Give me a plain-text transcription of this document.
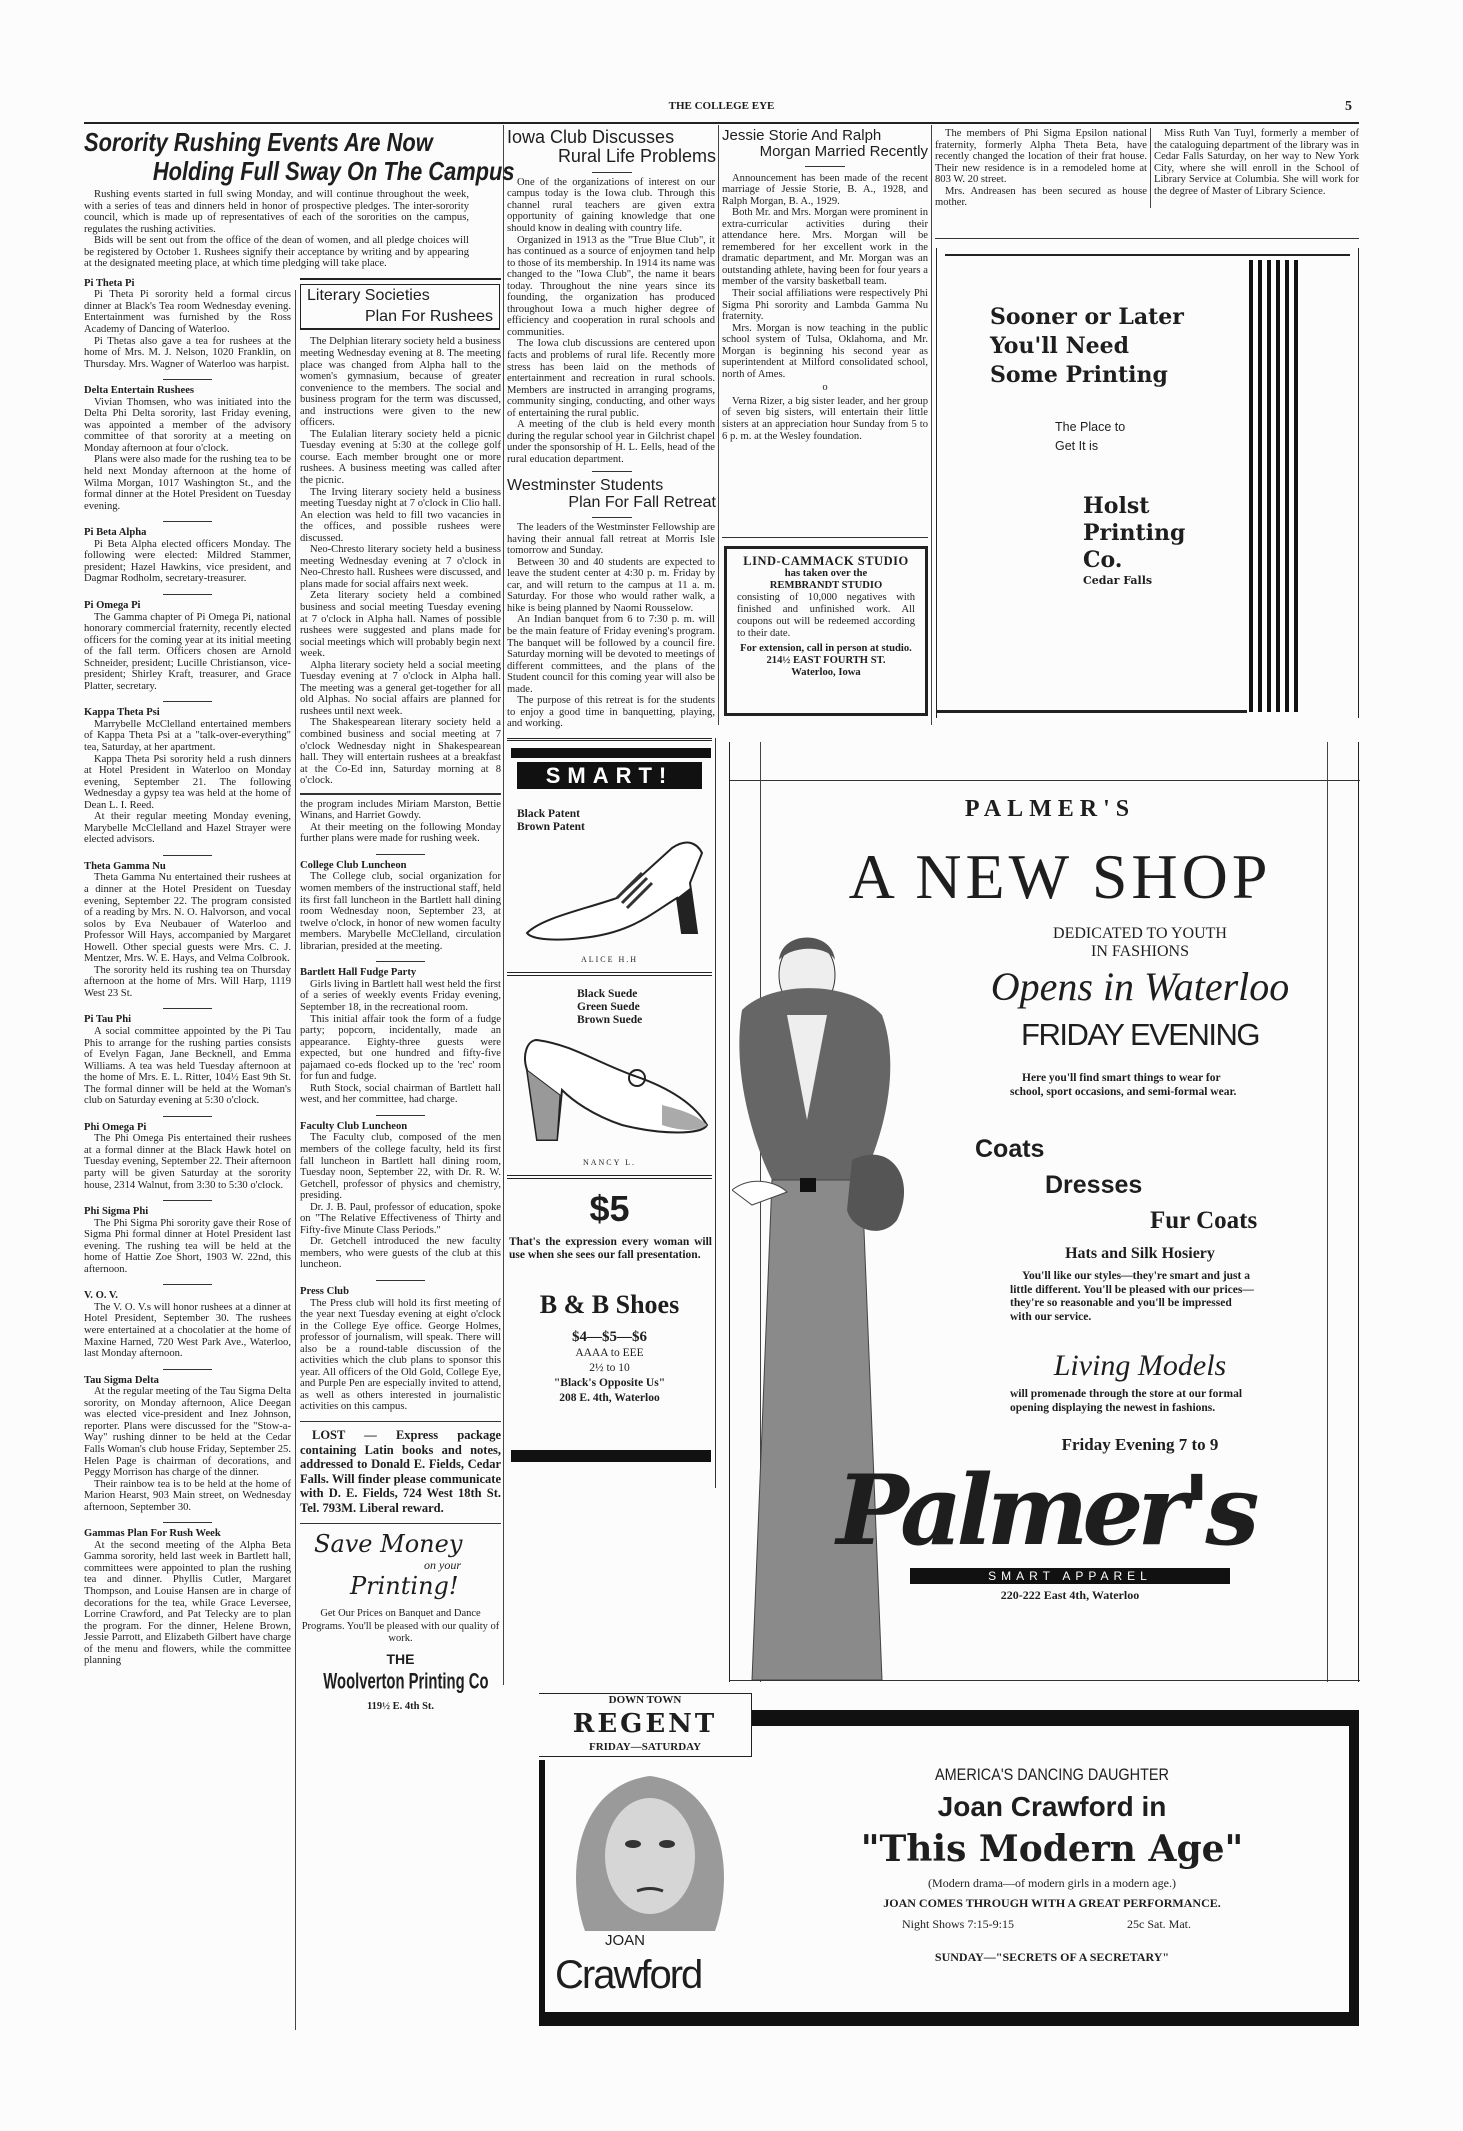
THE COLLEGE EYE	5
Sorority Rushing Events Are Now
Holding Full Sway On The Campus

Rushing events started in full swing Monday, and will continue throughout the week, with a series of teas and dinners held in honor of prospective pledges. The inter-sorority council, which is made up of representatives of each of the sororities on the campus, regulates the rushing activities.

Bids will be sent out from the office of the dean of women, and all pledge choices will be registered by October 1. Rushees signify their acceptance by writing and by appearing at the designated meeting place, at which time pledging will take place.

Pi Theta Pi

Pi Theta Pi sorority held a formal circus dinner at Black's Tea room Wednesday evening. Entertainment was furnished by the Ross Academy of Dancing of Waterloo.

Pi Thetas also gave a tea for rushees at the home of Mrs. M. J. Nelson, 1020 Franklin, on Thursday. Mrs. Wagner of Waterloo was harpist.

Delta Entertain Rushees

Vivian Thomsen, who was initiated into the Delta Phi Delta sorority, last Friday evening, was appointed a member of the advisory committee of that sorority at a meeting on Monday afternoon at four o'clock.

Plans were also made for the rushing tea to be held next Monday afternoon at the home of Wilma Morgan, 1017 Washington St., and the formal dinner at the Hotel President on Tuesday evening.

Pi Beta Alpha

Pi Beta Alpha elected officers Monday. The following were elected: Mildred Stammer, president; Hazel Hawkins, vice president, and Dagmar Rodholm, secretary-treasurer.

Pi Omega Pi

The Gamma chapter of Pi Omega Pi, national honorary commercial fraternity, recently elected officers for the coming year at its initial meeting of the fall term. Officers chosen are Arnold Schneider, president; Lucille Christianson, vice-president; Shirley Kraft, treasurer, and Grace Platter, secretary.

Kappa Theta Psi

Marrybelle McClelland entertained members of Kappa Theta Psi at a "talk-over-everything" tea, Saturday, at her apartment.

Kappa Theta Psi sorority held a rush dinners at Hotel President in Waterloo on Monday evening, September 21. The following Wednesday a gypsy tea was held at the home of Dean L. I. Reed.

At their regular meeting Monday evening, Marybelle McClelland and Hazel Strayer were elected advisors.

Theta Gamma Nu

Theta Gamma Nu entertained their rushees at a dinner at the Hotel President on Tuesday evening, September 22. The program consisted of a reading by Mrs. N. O. Halvorson, and vocal solos by Eva Neubauer of Waterloo and Professor Will Hays, accompanied by Margaret Howell. Other special guests were Mrs. C. J. Mentzer, Mrs. W. E. Hays, and Velma Colbrook.

The sorority held its rushing tea on Thursday afternoon at the home of Mrs. Will Harp, 1119 West 23 St.

Pi Tau Phi

A social committee appointed by the Pi Tau Phis to arrange for the rushing parties consists of Evelyn Fagan, Jane Becknell, and Emma Williams. A tea was held Tuesday afternoon at the home of Mrs. E. L. Ritter, 104½ East 9th St. The formal dinner will be held at the Woman's club on Saturday evening at 5:30 o'clock.

Phi Omega Pi

The Phi Omega Pis entertained their rushees at a formal dinner at the Black Hawk hotel on Tuesday evening, September 22. Their afternoon party will be given Saturday at the sorority house, 2314 Walnut, from 3:30 to 5:30 o'clock.

Phi Sigma Phi

The Phi Sigma Phi sorority gave their Rose of Sigma Phi formal dinner at Hotel President last evening. The rushing tea will be held at the home of Hattie Zoe Short, 1903 W. 22nd, this afternoon.

V. O. V.

The V. O. V.s will honor rushees at a dinner at Hotel President, September 30. The rushees were entertained at a chocolatier at the home of Maxine Harned, 720 West Park Ave., Waterloo, last Monday afternoon.

Tau Sigma Delta

At the regular meeting of the Tau Sigma Delta sorority, on Monday afternoon, Alice Deegan was elected vice-president and Inez Johnson, reporter. Plans were discussed for the "Stow-a-Way" rushing dinner to be held at the Cedar Falls Woman's club house Friday, September 25. Helen Page is chairman of decorations, and Peggy Morrison has charge of the dinner.

Their rainbow tea is to be held at the home of Marion Hearst, 903 Main street, on Wednesday afternoon, September 30.

Gammas Plan For Rush Week

At the second meeting of the Alpha Beta Gamma sorority, held last week in Bartlett hall, committees were appointed to plan the rushing tea and dinner. Phyllis Cutler, Margaret Thompson, and Louise Hansen are in charge of decorations for the tea, while Grace Leversee, Lorrine Crawford, and Pat Telecky are to plan the program. For the dinner, Helene Brown, Jessie Parrott, and Elizabeth Gilbert have charge of the menu and flowers, while the committee planning

Literary Societies
Plan For Rushees

The Delphian literary society held a business meeting Wednesday evening at 8. The meeting place was changed from Alpha hall to the women's gymnasium, because of greater convenience to the members. The social and business program for the term was discussed, and instructions were given to the new officers.

The Eulalian literary society held a picnic Tuesday evening at 5:30 at the college golf course. Each member brought one or more rushees. A business meeting was called after the picnic.

The Irving literary society held a business meeting Tuesday night at 7 o'clock in Clio hall. An election was held to fill two vacancies in the offices, and possible rushees were discussed.

Neo-Chresto literary society held a business meeting Wednesday evening at 7 o'clock in Neo-Chresto hall. Rushees were discussed, and plans made for social affairs next week.

Zeta literary society held a combined business and social meeting Tuesday evening at 7 o'clock in Alpha hall. Names of possible rushees were suggested and plans made for social meetings which will probably begin next week.

Alpha literary society held a social meeting Tuesday evening at 7 o'clock in Alpha hall. The meeting was a general get-together for all old Alphas. No social affairs are planned for rushees until next week.

The Shakespearean literary society held a combined business and social meeting at 7 o'clock Wednesday night in Shakespearean hall. They will entertain rushees at a breakfast at the Co-Ed inn, Saturday morning at 8 o'clock.

the program includes Miriam Marston, Bettie Winans, and Harriet Gowdy.

At their meeting on the following Monday further plans were made for rushing week.

College Club Luncheon

The College club, social organization for women members of the instructional staff, held its first fall luncheon in the Bartlett hall dining room Wednesday noon, September 23, at twelve o'clock, in honor of new women faculty members. Marybelle McClelland, circulation librarian, presided at the meeting.

Bartlett Hall Fudge Party

Girls living in Bartlett hall west held the first of a series of weekly events Friday evening, September 18, in the recreational room.

This initial affair took the form of a fudge party; popcorn, incidentally, made an appearance. Eighty-three guests were expected, but one hundred and fifty-five pajamaed co-eds flocked up to the 'rec' room for fun and fudge.

Ruth Stock, social chairman of Bartlett hall west, and her committee, had charge.

Faculty Club Luncheon

The Faculty club, composed of the men members of the college faculty, held its first fall luncheon in Bartlett hall dining room, Tuesday noon, September 22, with Dr. R. W. Getchell, professor of physics and chemistry, presiding.

Dr. J. B. Paul, professor of education, spoke on "The Relative Effectiveness of Thirty and Fifty-five Minute Class Periods."

Dr. Getchell introduced the new faculty members, who were guests of the club at this luncheon.

Press Club

The Press club will hold its first meeting of the year next Tuesday evening at eight o'clock in the College Eye office. George Holmes, professor of journalism, will speak. There will also be a round-table discussion of the activities which the club plans to sponsor this year. All officers of the Old Gold, College Eye, and Purple Pen are especially invited to attend, as well as others interested in journalistic activities on this campus.

LOST — Express package containing Latin books and notes, addressed to Donald E. Fields, Cedar Falls. Will finder please communicate with D. E. Fields, 724 West 18th St. Tel. 793M. Liberal reward.
Save Money
on your
Printing!
Get Our Prices on Banquet and Dance Programs. You'll be pleased with our quality of work.
THE
Woolverton Printing Co
119½ E. 4th St.
Iowa Club Discusses
Rural Life Problems

One of the organizations of interest on our campus today is the Iowa club. Through this channel rural teachers are given extra opportunity of gaining knowledge that one should know in dealing with country life.

Organized in 1913 as the "True Blue Club", it has continued as a source of enjoymen tand help to those of its membership. In 1914 its name was changed to the "Iowa Club", the name it bears today. Throughout the nine years since its founding, the organization has produced throughout Iowa a much higher degree of efficiency and cooperation in rural schools and communities.

The Iowa club discussions are centered upon facts and problems of rural life. Recently more stress has been laid on the methods of entertainment and recreation in rural schools. Members are instructed in arranging programs, community singing, conducting, and other ways of entertaining the rural public.

A meeting of the club is held every month during the regular school year in Gilchrist chapel under the sponsorship of H. L. Eells, head of the rural education department.

Westminster Students
Plan For Fall Retreat

The leaders of the Westminster Fellowship are having their annual fall retreat at Morris Isle tomorrow and Sunday.

Between 30 and 40 students are expected to leave the student center at 4:30 p. m. Friday by car, and will return to the campus at 11 a. m. Saturday. For those who would rather walk, a hike is being planned by Naomi Rousselow.

An Indian banquet from 6 to 7:30 p. m. will be the main feature of Friday evening's program. The banquet will be followed by a council fire. Saturday morning will be devoted to meetings of different committees, and the plans of the Student council for this coming year will also be made.

The purpose of this retreat is for the students to enjoy a good time in banquetting, playing, and working.

SMART!
Black Patent
Brown Patent
ALICE H.H
Black Suede
Green Suede
Brown Suede
NANCY L.
$5
That's the expression every woman will use when she sees our fall presentation.
B & B Shoes
$4—$5—$6
AAAA to EEE
2½ to 10
"Black's Opposite Us"
208 E. 4th, Waterloo
Jessie Storie And Ralph
Morgan Married Recently

Announcement has been made of the recent marriage of Jessie Storie, B. A., 1928, and Ralph Morgan, B. A., 1929.

Both Mr. and Mrs. Morgan were prominent in extra-curricular activities during their attendance here. Mrs. Morgan will be remembered for her excellent work in the dramatic department, and Mr. Morgan was an outstanding athlete, having been for four years a member of the varsity basketball team.

Their social affiliations were respectively Phi Sigma Phi sorority and Lambda Gamma Nu fraternity.

Mrs. Morgan is now teaching in the public school system of Tulsa, Oklahoma, and Mr. Morgan is beginning his second year as superintendent at Milford consolidated school, north of Ames.

o

Verna Rizer, a big sister leader, and her group of seven big sisters, will entertain their little sisters at an appreciation hour Sunday from 5 to 6 p. m. at the Wesley foundation.

LIND-CAMMACK STUDIO
has taken over the
REMBRANDT STUDIO
consisting of 10,000 negatives with finished and unfinished work. All coupons out will be redeemed according to their date.
For extension, call in person at studio.
214½ EAST FOURTH ST.
Waterloo, Iowa

The members of Phi Sigma Epsilon national fraternity, formerly Alpha Theta Beta, have recently changed the location of their frat house. Their new residence is in a remodeled home at 803 W. 20 street.

Mrs. Andreasen has been secured as house mother.

Miss Ruth Van Tuyl, formerly a member of the cataloguing department of the library was in Cedar Falls Saturday, on her way to New York City, where she will enroll in the School of Library Service at Columbia. She will work for the degree of Master of Library Science.

Sooner or Later
You'll Need
Some Printing
The Place to
Get It is
Holst
Printing
Co.
Cedar Falls
PALMER'S
A NEW SHOP
DEDICATED TO YOUTH
IN FASHIONS
Opens in Waterloo
FRIDAY EVENING
Here you'll find smart things to wear for school, sport occasions, and semi-formal wear.
Coats
Dresses
Fur Coats
Hats and Silk Hosiery
You'll like our styles—they're smart and just a little different. You'll be pleased with our prices—they're so reasonable and you'll be impressed with our service.
Living Models
will promenade through the store at our formal opening displaying the newest in fashions.
Friday Evening 7 to 9
Palmer's
SMART APPAREL
220-222 East 4th, Waterloo
DOWN TOWN
REGENT
FRIDAY—SATURDAY
JOAN
Crawford
AMERICA'S DANCING DAUGHTER
Joan Crawford in
"This Modern Age"
(Modern drama—of modern girls in a modern age.)
JOAN COMES THROUGH WITH A GREAT PERFORMANCE.
Night Shows 7:15-9:15	25c Sat. Mat.
SUNDAY—"SECRETS OF A SECRETARY"
